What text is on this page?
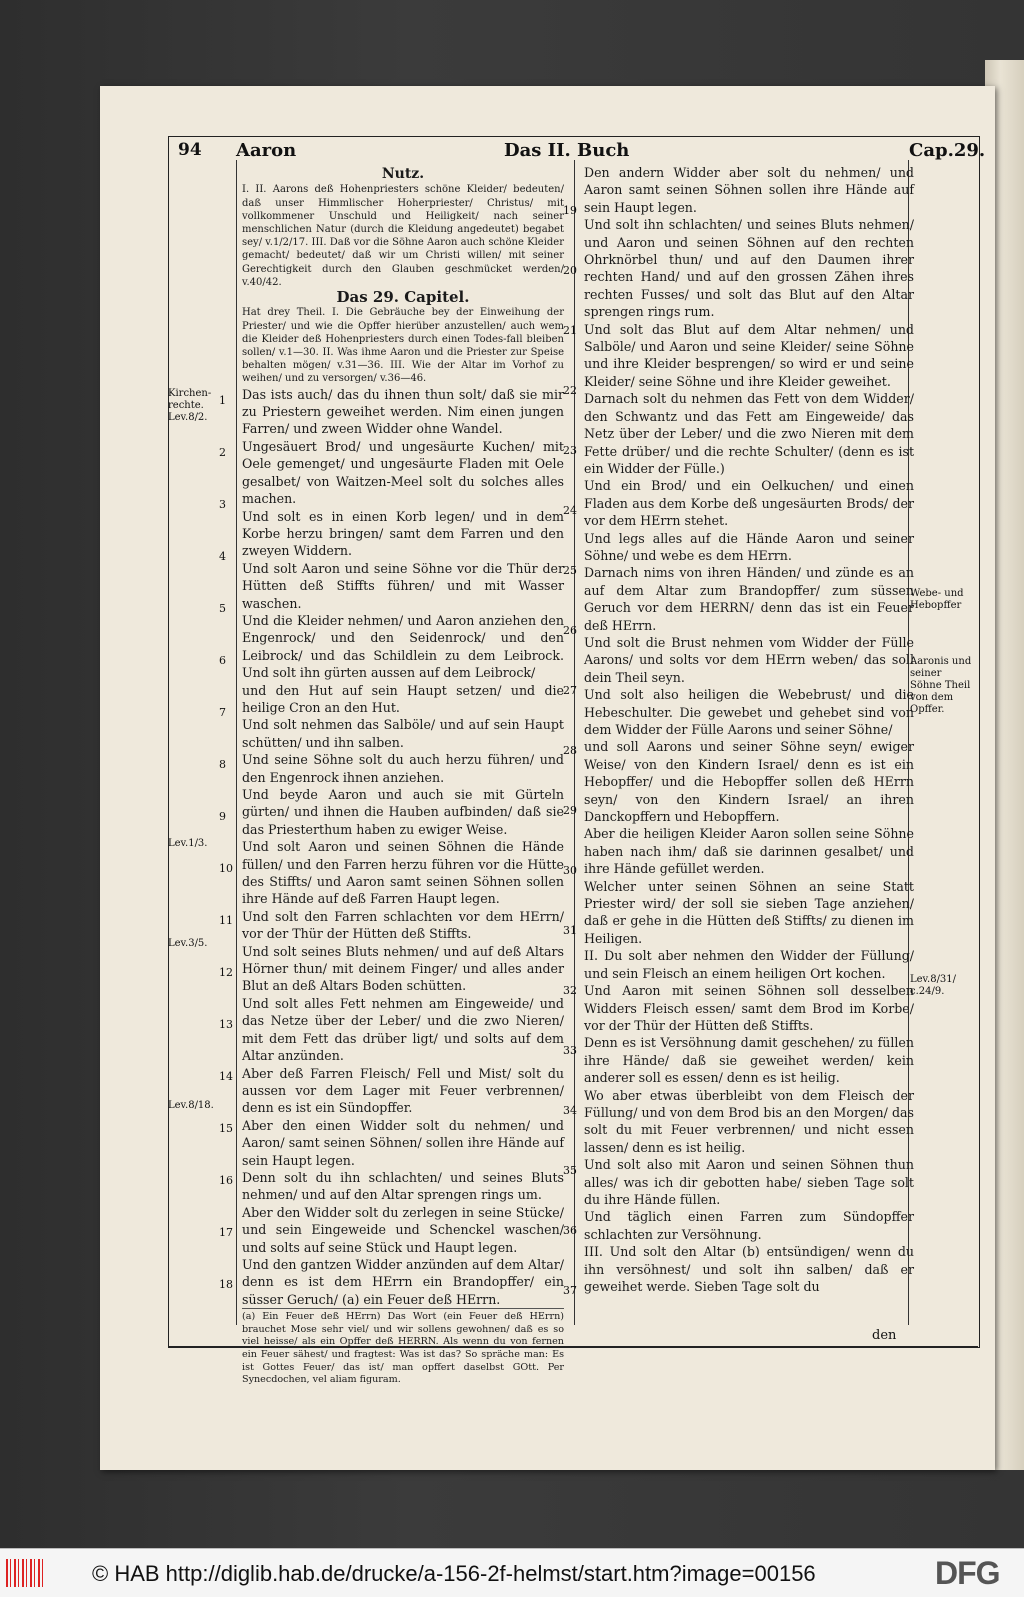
94 Aaron	Das II. Buch	Cap.29.

Nutz.

I. II. Aarons deß Hohenpriesters schöne Kleider/ bedeuten/ daß unser Himmlischer Hoherpriester/ Christus/ mit vollkommener Unschuld und Heiligkeit/ nach seiner menschlichen Natur (durch die Kleidung angedeutet) begabet sey/ v.1/2/17. III. Daß vor die Söhne Aaron auch schöne Kleider gemacht/ bedeutet/ daß wir um Christi willen/ mit seiner Gerechtigkeit durch den Glauben geschmücket werden/ v.40/42.

Das 29. Capitel.

Hat drey Theil. I. Die Gebräuche bey der Einweihung der Priester/ und wie die Opffer hierüber anzustellen/ auch wem die Kleider deß Hohenpriesters durch einen Todes-fall bleiben sollen/ v.1—30. II. Was ihme Aaron und die Priester zur Speise behalten mögen/ v.31—36. III. Wie der Altar im Vorhof zu weihen/ und zu versorgen/ v.36—46.

Das ists auch/ das du ihnen thun solt/ daß sie mir zu Priestern geweihet werden. Nim einen jungen Farren/ und zween Widder ohne Wandel.

Ungesäuert Brod/ und ungesäurte Kuchen/ mit Oele gemenget/ und ungesäurte Fladen mit Oele gesalbet/ von Waitzen-Meel solt du solches alles machen.

Und solt es in einen Korb legen/ und in dem Korbe herzu bringen/ samt dem Farren und den zweyen Widdern.

Und solt Aaron und seine Söhne vor die Thür der Hütten deß Stiffts führen/ und mit Wasser waschen.

Und die Kleider nehmen/ und Aaron anziehen den Engenrock/ und den Seidenrock/ und den Leibrock/ und das Schildlein zu dem Leibrock. Und solt ihn gürten aussen auf dem Leibrock/

und den Hut auf sein Haupt setzen/ und die heilige Cron an den Hut.

Und solt nehmen das Salböle/ und auf sein Haupt schütten/ und ihn salben.

Und seine Söhne solt du auch herzu führen/ und den Engenrock ihnen anziehen.

Und beyde Aaron und auch sie mit Gürteln gürten/ und ihnen die Hauben aufbinden/ daß sie das Priesterthum haben zu ewiger Weise.

Und solt Aaron und seinen Söhnen die Hände füllen/ und den Farren herzu führen vor die Hütte des Stiffts/ und Aaron samt seinen Söhnen sollen ihre Hände auf deß Farren Haupt legen.

Und solt den Farren schlachten vor dem HErrn/ vor der Thür der Hütten deß Stiffts.

Und solt seines Bluts nehmen/ und auf deß Altars Hörner thun/ mit deinem Finger/ und alles ander Blut an deß Altars Boden schütten.

Und solt alles Fett nehmen am Eingeweide/ und das Netze über der Leber/ und die zwo Nieren/ mit dem Fett das drüber ligt/ und solts auf dem Altar anzünden.

Aber deß Farren Fleisch/ Fell und Mist/ solt du aussen vor dem Lager mit Feuer verbrennen/ denn es ist ein Sündopffer.

Aber den einen Widder solt du nehmen/ und Aaron/ samt seinen Söhnen/ sollen ihre Hände auf sein Haupt legen.

Denn solt du ihn schlachten/ und seines Bluts nehmen/ und auf den Altar sprengen rings um.

Aber den Widder solt du zerlegen in seine Stücke/ und sein Eingeweide und Schenckel waschen/ und solts auf seine Stück und Haupt legen.

Und den gantzen Widder anzünden auf dem Altar/ denn es ist dem HErrn ein Brandopffer/ ein süsser Geruch/ (a) ein Feuer deß HErrn.

(a) Ein Feuer deß HErrn) Das Wort (ein Feuer deß HErrn) brauchet Mose sehr viel/ und wir sollens gewohnen/ daß es so viel heisse/ als ein Opffer deß HERRN. Als wenn du von fernen ein Feuer sähest/ und fragtest: Was ist das? So spräche man: Es ist Gottes Feuer/ das ist/ man opffert daselbst GOtt. Per Synecdochen, vel aliam figuram.

Den andern Widder aber solt du nehmen/ und Aaron samt seinen Söhnen sollen ihre Hände auf sein Haupt legen.

Und solt ihn schlachten/ und seines Bluts nehmen/ und Aaron und seinen Söhnen auf den rechten Ohrknörbel thun/ und auf den Daumen ihrer rechten Hand/ und auf den grossen Zähen ihres rechten Fusses/ und solt das Blut auf den Altar sprengen rings rum.

Und solt das Blut auf dem Altar nehmen/ und Salböle/ und Aaron und seine Kleider/ seine Söhne und ihre Kleider besprengen/ so wird er und seine Kleider/ seine Söhne und ihre Kleider geweihet.

Darnach solt du nehmen das Fett von dem Widder/ den Schwantz und das Fett am Eingeweide/ das Netz über der Leber/ und die zwo Nieren mit dem Fette drüber/ und die rechte Schulter/ (denn es ist ein Widder der Fülle.)

Und ein Brod/ und ein Oelkuchen/ und einen Fladen aus dem Korbe deß ungesäurten Brods/ der vor dem HErrn stehet.

Und legs alles auf die Hände Aaron und seiner Söhne/ und webe es dem HErrn.

Darnach nims von ihren Händen/ und zünde es an auf dem Altar zum Brandopffer/ zum süssen Geruch vor dem HERRN/ denn das ist ein Feuer deß HErrn.

Und solt die Brust nehmen vom Widder der Fülle Aarons/ und solts vor dem HErrn weben/ das soll dein Theil seyn.

Und solt also heiligen die Webebrust/ und die Hebeschulter. Die gewebet und gehebet sind von dem Widder der Fülle Aarons und seiner Söhne/

und soll Aarons und seiner Söhne seyn/ ewiger Weise/ von den Kindern Israel/ denn es ist ein Hebopffer/ und die Hebopffer sollen deß HErrn seyn/ von den Kindern Israel/ an ihren Danckopffern und Hebopffern.

Aber die heiligen Kleider Aaron sollen seine Söhne haben nach ihm/ daß sie darinnen gesalbet/ und ihre Hände gefüllet werden.

Welcher unter seinen Söhnen an seine Statt Priester wird/ der soll sie sieben Tage anziehen/ daß er gehe in die Hütten deß Stiffts/ zu dienen im Heiligen.

II. Du solt aber nehmen den Widder der Füllung/ und sein Fleisch an einem heiligen Ort kochen.

Und Aaron mit seinen Söhnen soll desselben Widders Fleisch essen/ samt dem Brod im Korbe/ vor der Thür der Hütten deß Stiffts.

Denn es ist Versöhnung damit geschehen/ zu füllen ihre Hände/ daß sie geweihet werden/ kein anderer soll es essen/ denn es ist heilig.

Wo aber etwas überbleibt von dem Fleisch der Füllung/ und von dem Brod bis an den Morgen/ das solt du mit Feuer verbrennen/ und nicht essen lassen/ denn es ist heilig.

Und solt also mit Aaron und seinen Söhnen thun alles/ was ich dir gebotten habe/ sieben Tage solt du ihre Hände füllen.

Und täglich einen Farren zum Sündopffer schlachten zur Versöhnung.

III. Und solt den Altar (b) entsündigen/ wenn du ihn versöhnest/ und solt ihn salben/ daß er geweihet werde. Sieben Tage solt du

1
2
3
4
5
6
7
8
9
10
11
12
13
14
15
16
17
18
19
20
21
22
23
24
25
26
27
28
29
30
31
32
33
34
35
36
37
Kirchen-rechte. Lev.8/2.
Lev.1/3.
Lev.3/5.
Lev.8/18.
Webe- und Hebopffer
Aaronis und seiner Söhne Theil von dem Opffer.
Lev.8/31/ c.24/9.
den
© HAB http://diglib.hab.de/drucke/a-156-2f-helmst/start.htm?image=00156	DFG
